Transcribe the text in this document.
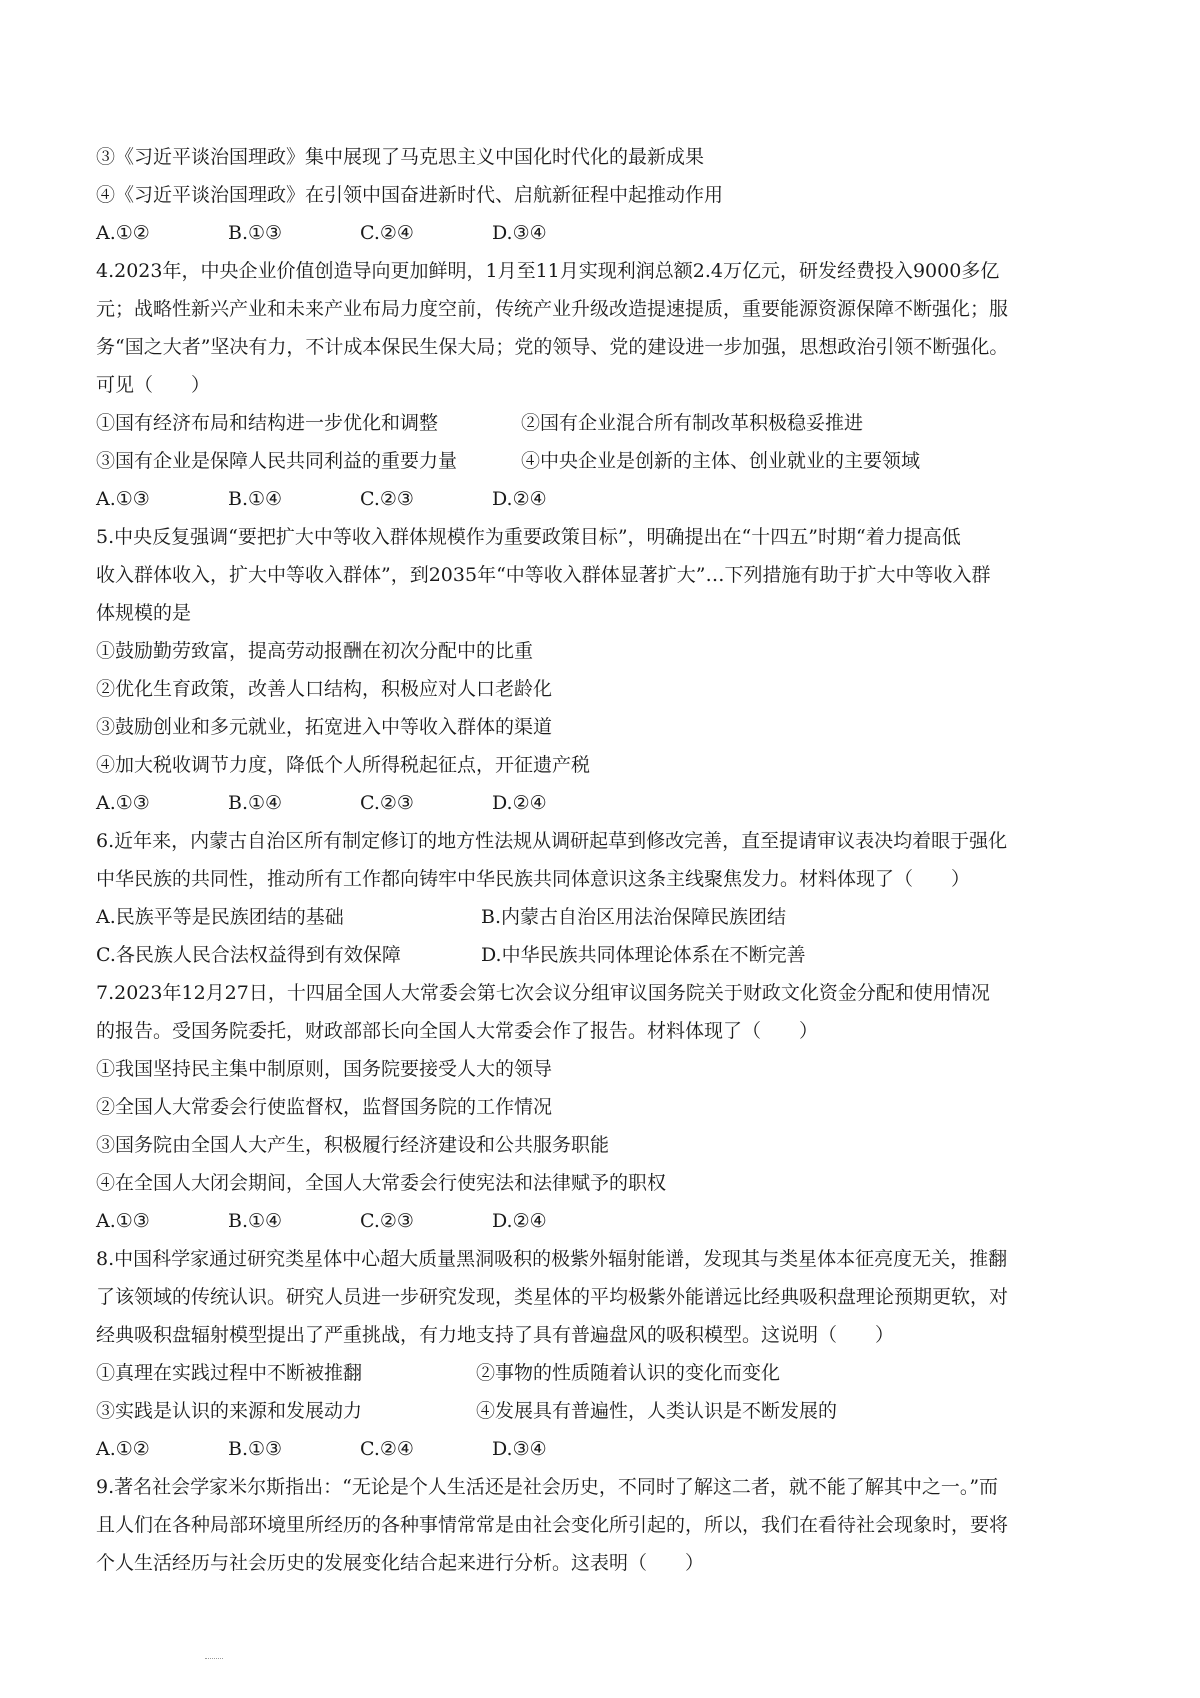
③《习近平谈治国理政》集中展现了马克思主义中国化时代化的最新成果
④《习近平谈治国理政》在引领中国奋进新时代、启航新征程中起推动作用
A.①②	B.①③	C.②④	D.③④
4.2023年，中央企业价值创造导向更加鲜明，1月至11月实现利润总额2.4万亿元，研发经费投入9000多亿
元；战略性新兴产业和未来产业布局力度空前，传统产业升级改造提速提质，重要能源资源保障不断强化；服
务“国之大者”坚决有力，不计成本保民生保大局；党的领导、党的建设进一步加强，思想政治引领不断强化。
可见（　　）
①国有经济布局和结构进一步优化和调整	②国有企业混合所有制改革积极稳妥推进
③国有企业是保障人民共同利益的重要力量	④中央企业是创新的主体、创业就业的主要领域
A.①③	B.①④	C.②③	D.②④
5.中央反复强调“要把扩大中等收入群体规模作为重要政策目标”，明确提出在“十四五”时期“着力提高低
收入群体收入，扩大中等收入群体”，到2035年“中等收入群体显著扩大”…下列措施有助于扩大中等收入群
体规模的是
①鼓励勤劳致富，提高劳动报酬在初次分配中的比重
②优化生育政策，改善人口结构，积极应对人口老龄化
③鼓励创业和多元就业，拓宽进入中等收入群体的渠道
④加大税收调节力度，降低个人所得税起征点，开征遗产税
A.①③	B.①④	C.②③	D.②④
6.近年来，内蒙古自治区所有制定修订的地方性法规从调研起草到修改完善，直至提请审议表决均着眼于强化
中华民族的共同性，推动所有工作都向铸牢中华民族共同体意识这条主线聚焦发力。材料体现了（　　）
A.民族平等是民族团结的基础	B.内蒙古自治区用法治保障民族团结
C.各民族人民合法权益得到有效保障	D.中华民族共同体理论体系在不断完善
7.2023年12月27日，十四届全国人大常委会第七次会议分组审议国务院关于财政文化资金分配和使用情况
的报告。受国务院委托，财政部部长向全国人大常委会作了报告。材料体现了（　　）
①我国坚持民主集中制原则，国务院要接受人大的领导
②全国人大常委会行使监督权，监督国务院的工作情况
③国务院由全国人大产生，积极履行经济建设和公共服务职能
④在全国人大闭会期间，全国人大常委会行使宪法和法律赋予的职权
A.①③	B.①④	C.②③	D.②④
8.中国科学家通过研究类星体中心超大质量黑洞吸积的极紫外辐射能谱，发现其与类星体本征亮度无关，推翻
了该领域的传统认识。研究人员进一步研究发现，类星体的平均极紫外能谱远比经典吸积盘理论预期更软，对
经典吸积盘辐射模型提出了严重挑战，有力地支持了具有普遍盘风的吸积模型。这说明（　　）
①真理在实践过程中不断被推翻	②事物的性质随着认识的变化而变化
③实践是认识的来源和发展动力	④发展具有普遍性，人类认识是不断发展的
A.①②	B.①③	C.②④	D.③④
9.著名社会学家米尔斯指出：“无论是个人生活还是社会历史，不同时了解这二者，就不能了解其中之一。”而
且人们在各种局部环境里所经历的各种事情常常是由社会变化所引起的，所以，我们在看待社会现象时，要将
个人生活经历与社会历史的发展变化结合起来进行分析。这表明（　　）
